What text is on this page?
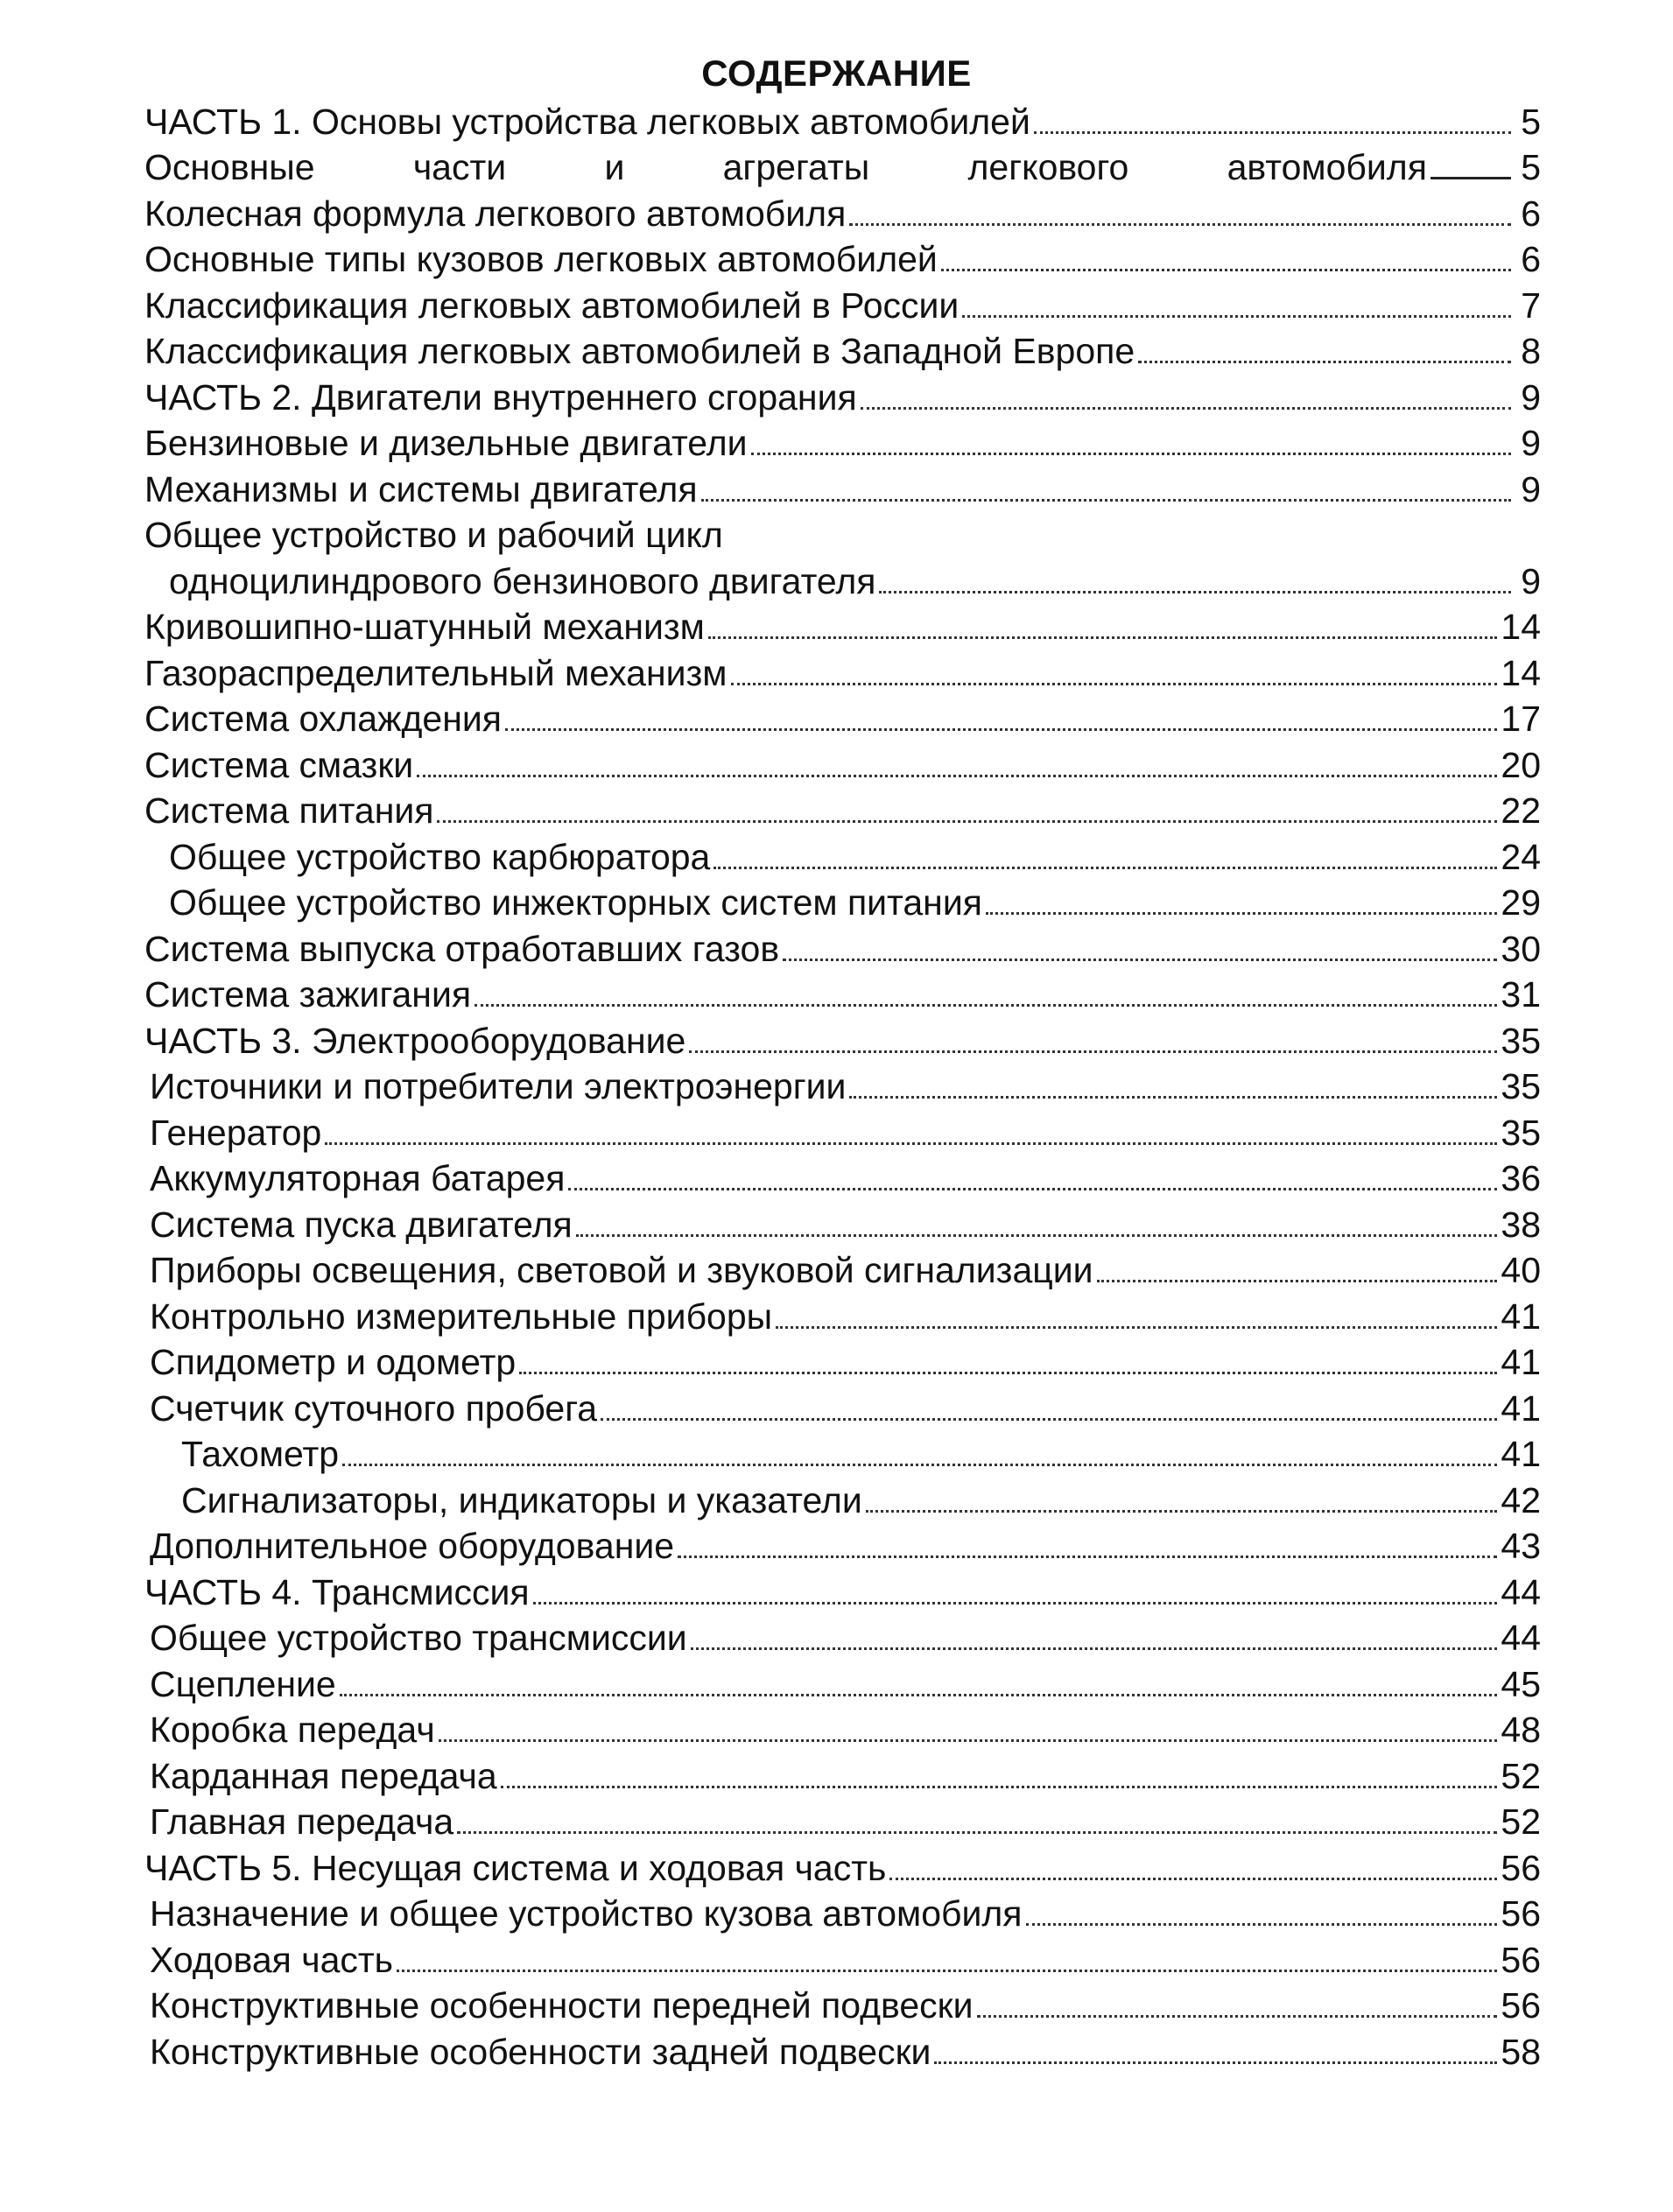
СОДЕРЖАНИЕ
ЧАСТЬ 1. Основы устройства легковых автомобилей	5
Основные	части	и	агрегаты	легкового	автомобиля	5
Колесная формула легкового автомобиля	6
Основные типы кузовов легковых автомобилей	6
Классификация легковых автомобилей в России	7
Классификация легковых автомобилей в Западной Европе	8
ЧАСТЬ 2. Двигатели внутреннего сгорания	9
Бензиновые и дизельные двигатели	9
Механизмы и системы двигателя	9
Общее устройство и рабочий цикл
одноцилиндрового бензинового двигателя	9
Кривошипно-шатунный механизм	14
Газораспределительный механизм	14
Система охлаждения	17
Система смазки	20
Система питания	22
Общее устройство карбюратора	24
Общее устройство инжекторных систем питания	29
Система выпуска отработавших газов	30
Система зажигания	31
ЧАСТЬ 3. Электрооборудование	35
Источники и потребители электроэнергии	35
Генератор	35
Аккумуляторная батарея	36
Система пуска двигателя	38
Приборы освещения, световой и звуковой сигнализации	40
Контрольно измерительные приборы	41
Спидометр и одометр	41
Счетчик суточного пробега	41
Тахометр	41
Сигнализаторы, индикаторы и указатели	42
Дополнительное оборудование	43
ЧАСТЬ 4. Трансмиссия	44
Общее устройство трансмиссии	44
Сцепление	45
Коробка передач	48
Карданная передача	52
Главная передача	52
ЧАСТЬ 5. Несущая система и ходовая часть	56
Назначение и общее устройство кузова автомобиля	56
Ходовая часть	56
Конструктивные особенности передней подвески	56
Конструктивные особенности задней подвески	58
